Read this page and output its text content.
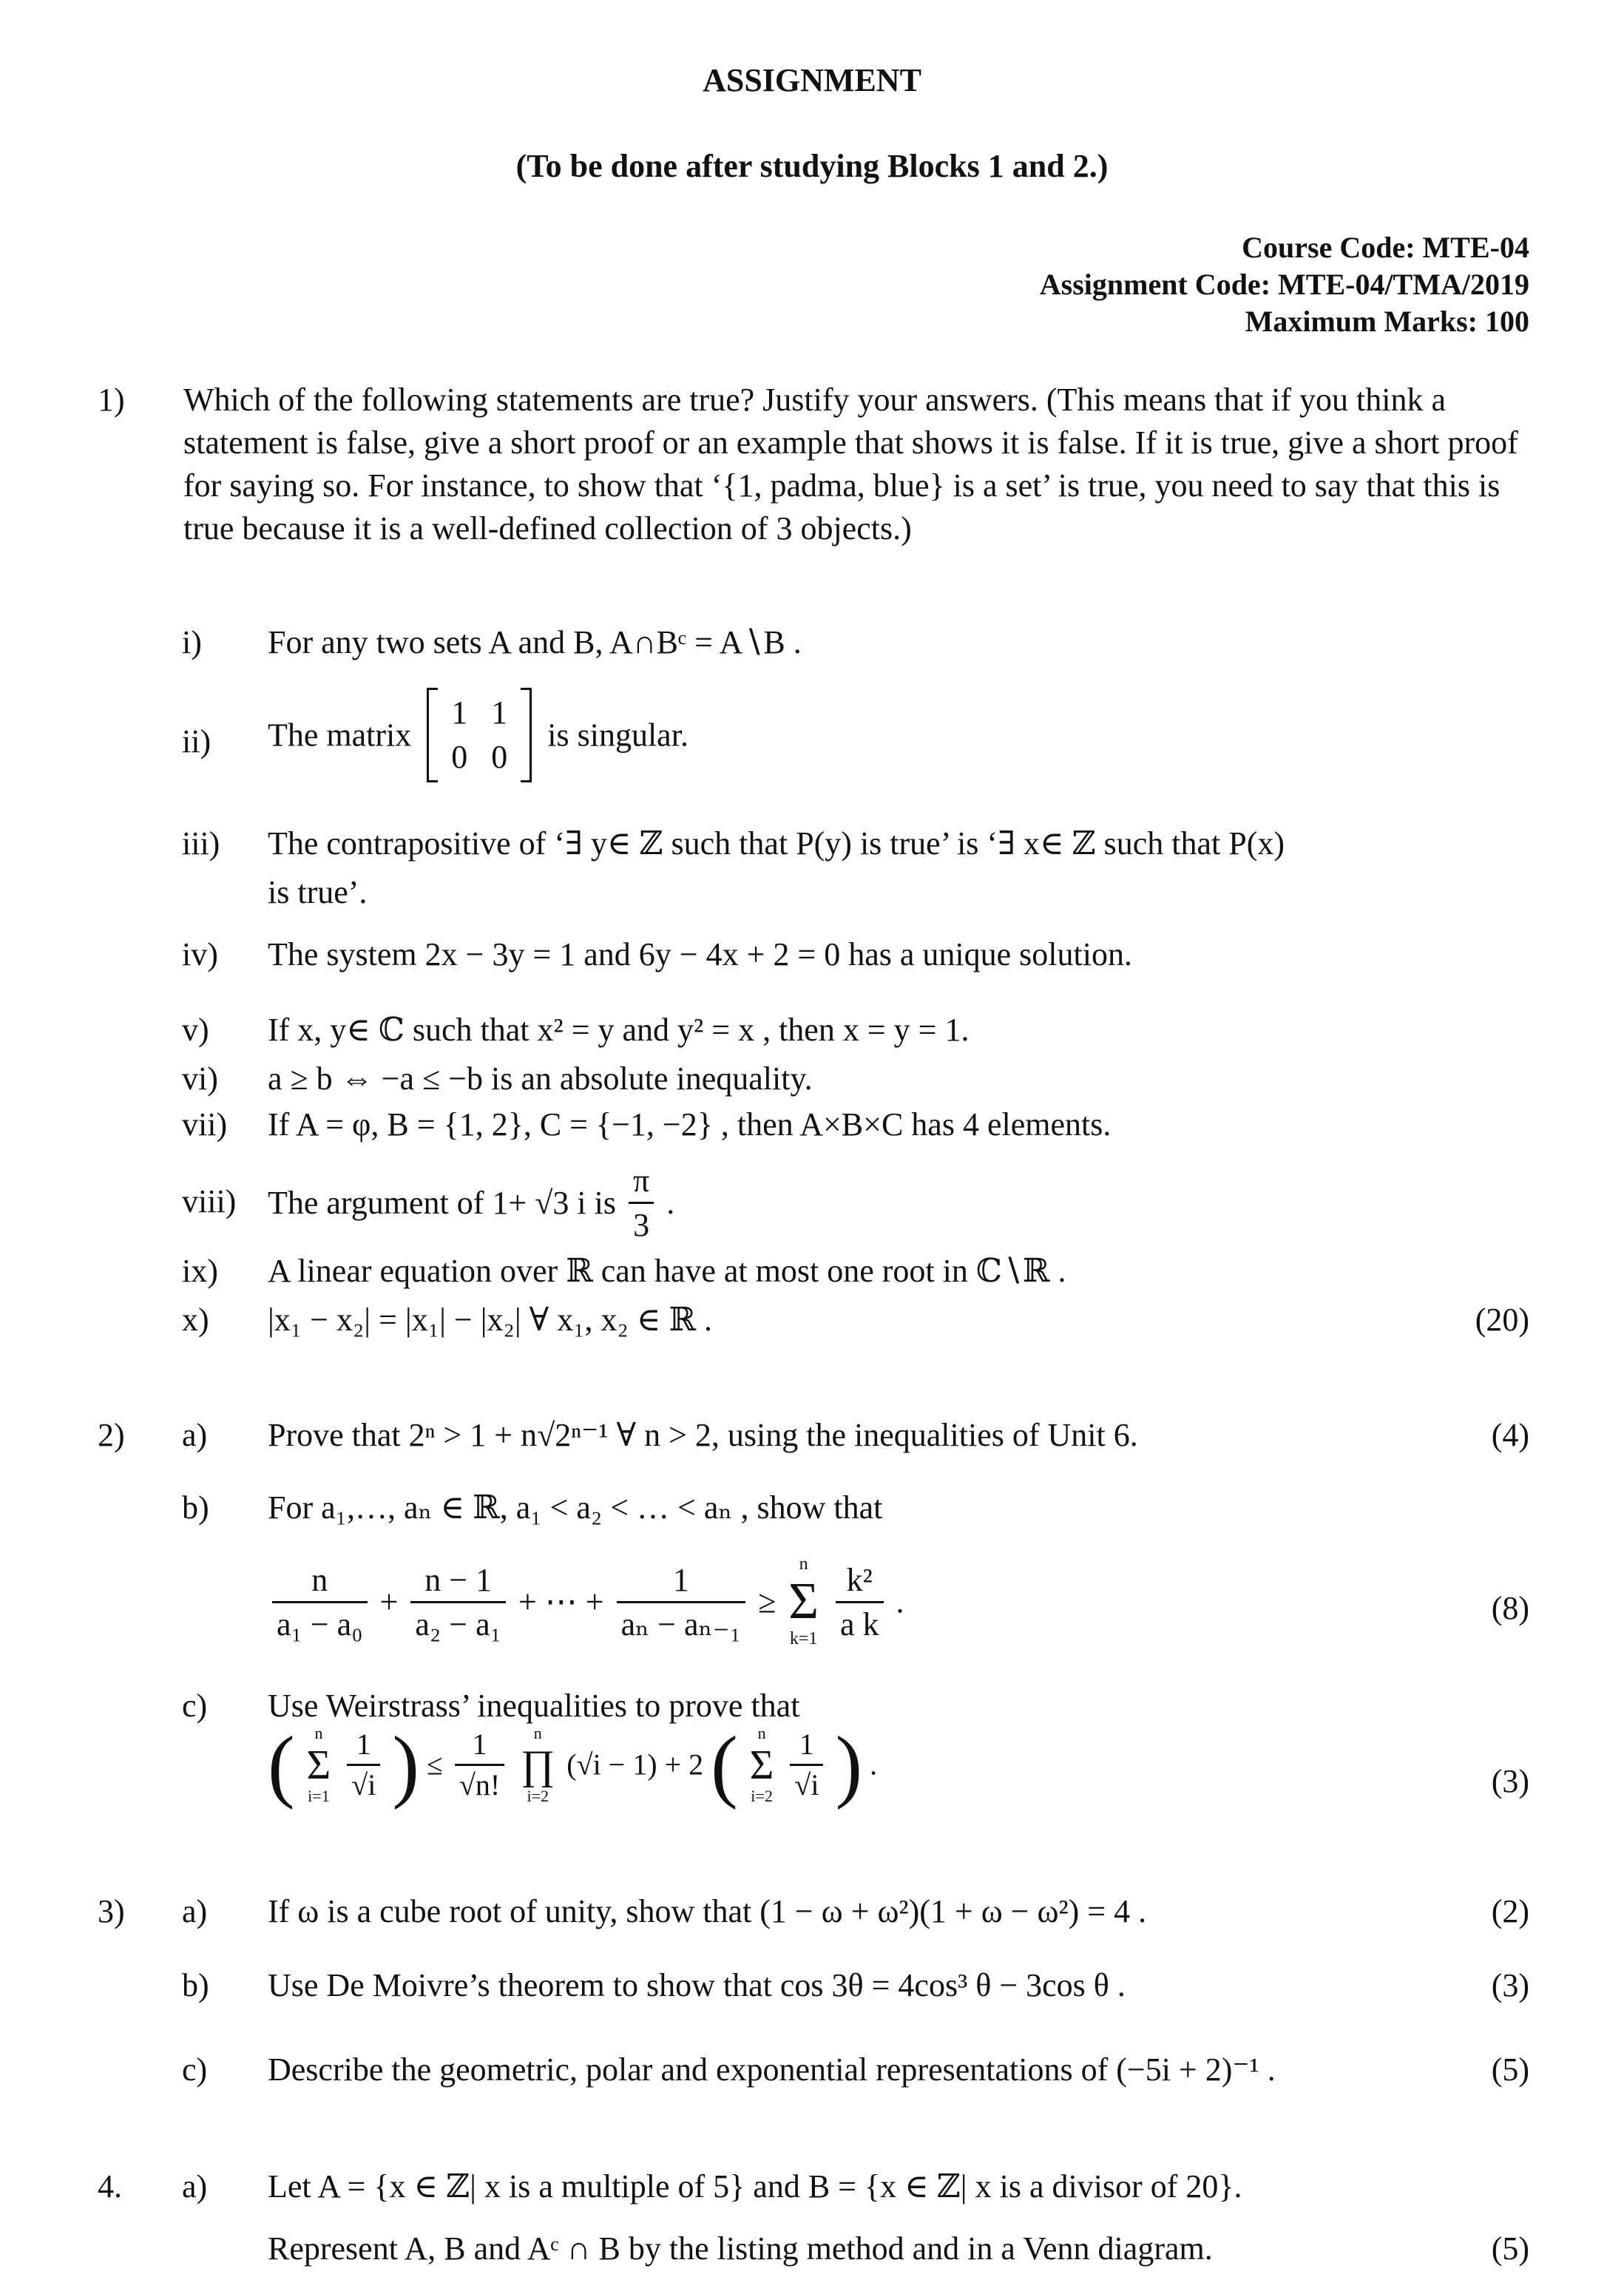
ASSIGNMENT
(To be done after studying Blocks 1 and 2.)
Course Code: MTE-04
Assignment Code: MTE-04/TMA/2019
Maximum Marks: 100
1) Which of the following statements are true? Justify your answers. (This means that if you think a statement is false, give a short proof or an example that shows it is false. If it is true, give a short proof for saying so. For instance, to show that ‘{1, padma, blue} is a set’ is true, you need to say that this is true because it is a well-defined collection of 3 objects.)
i) For any two sets A and B, A∩Bᶜ = A∖B .
ii) The matrix
1	1
0	0
is singular.
iii) The contrapositive of ‘∃ y∈ ℤ such that P(y) is true’ is ‘∃ x∈ ℤ such that P(x)
is true’.
iv) The system 2x − 3y = 1 and 6y − 4x + 2 = 0 has a unique solution.
v) If x, y∈ ℂ such that x² = y and y² = x , then x = y = 1.
vi) a ≥ b ⇔ −a ≤ −b is an absolute inequality.
vii) If A = φ, B = {1, 2}, C = {−1, −2} , then A×B×C has 4 elements.
viii) The argument of 1+ √3 i is $\frac{\pi}{3}$ .
ix) A linear equation over ℝ can have at most one root in ℂ∖ℝ .
x) |x₁ − x₂| = |x₁| − |x₂| ∀ x₁, x₂ ∈ ℝ .	(20)
2) a) Prove that 2ⁿ > 1 + n√2ⁿ⁻¹ ∀ n > 2, using the inequalities of Unit 6.	(4)
b) For a₁,…, aₙ ∈ ℝ, a₁ < a₂ < … < aₙ , show that
$\frac{n}{\text{a₁ − a₀}} + \frac{n - 1}{\text{a₂ − a₁}}$ + ⋯ + $\frac{1}{\text{aₙ − aₙ₋₁}}$ ≥
n
Σ
k=1
$\frac{\text{k²}}{\text{a k}}$ .	(8)
c) Use Weirstrass’ inequalities to prove that
(	n
Σ
i=1
$\frac{1}{√i}$ ) ≤ $\frac{1}{√n!}$
	n
∏
i=2
(√i − 1) + 2 (	n
Σ
i=2
$\frac{1}{√i}$ ) .	(3)
3) a) If ω is a cube root of unity, show that (1 − ω + ω²)(1 + ω − ω²) = 4 .	(2)
b) Use De Moivre’s theorem to show that cos 3θ = 4cos³ θ − 3cos θ .	(3)
c) Describe the geometric, polar and exponential representations of (−5i + 2)⁻¹ .	(5)
4. a) Let A = {x ∈ ℤ| x is a multiple of 5} and B = {x ∈ ℤ| x is a divisor of 20}.
Represent A, B and Aᶜ ∩ B by the listing method and in a Venn diagram.	(5)
